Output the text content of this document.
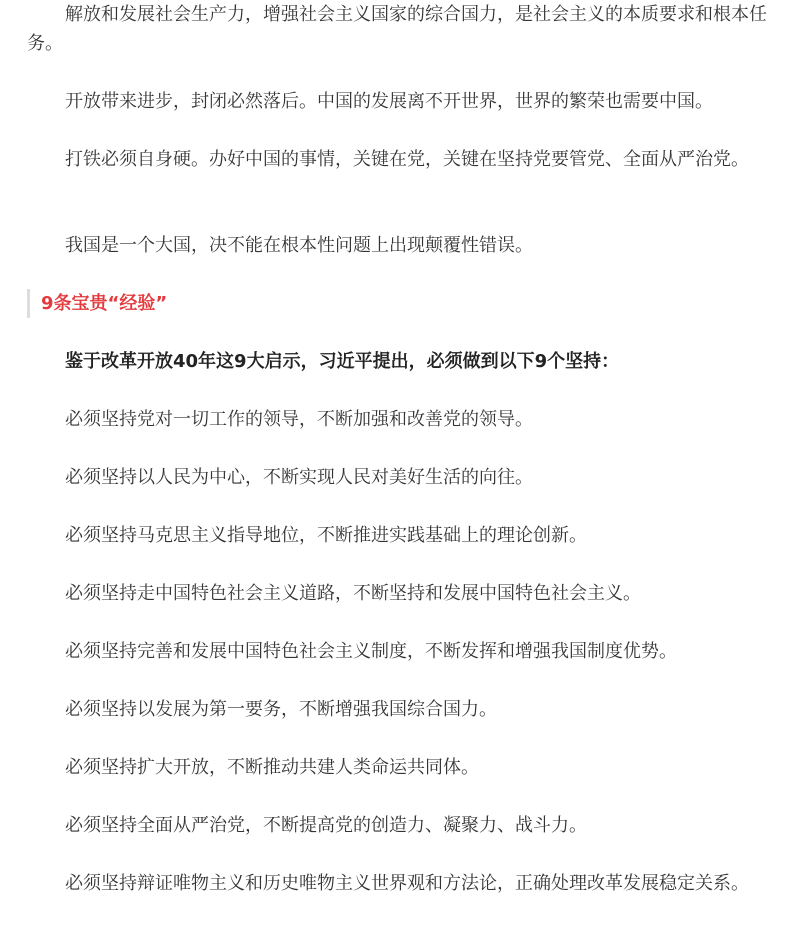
解放和发展社会生产力，增强社会主义国家的综合国力，是社会主义的本质要求和根本任务。

开放带来进步，封闭必然落后。中国的发展离不开世界，世界的繁荣也需要中国。

打铁必须自身硬。办好中国的事情，关键在党，关键在坚持党要管党、全面从严治党。

我国是一个大国，决不能在根本性问题上出现颠覆性错误。

9条宝贵“经验”

鉴于改革开放40年这9大启示，习近平提出，必须做到以下9个坚持：

必须坚持党对一切工作的领导，不断加强和改善党的领导。

必须坚持以人民为中心，不断实现人民对美好生活的向往。

必须坚持马克思主义指导地位，不断推进实践基础上的理论创新。

必须坚持走中国特色社会主义道路，不断坚持和发展中国特色社会主义。

必须坚持完善和发展中国特色社会主义制度，不断发挥和增强我国制度优势。

必须坚持以发展为第一要务，不断增强我国综合国力。

必须坚持扩大开放，不断推动共建人类命运共同体。

必须坚持全面从严治党，不断提高党的创造力、凝聚力、战斗力。

必须坚持辩证唯物主义和历史唯物主义世界观和方法论，正确处理改革发展稳定关系。
